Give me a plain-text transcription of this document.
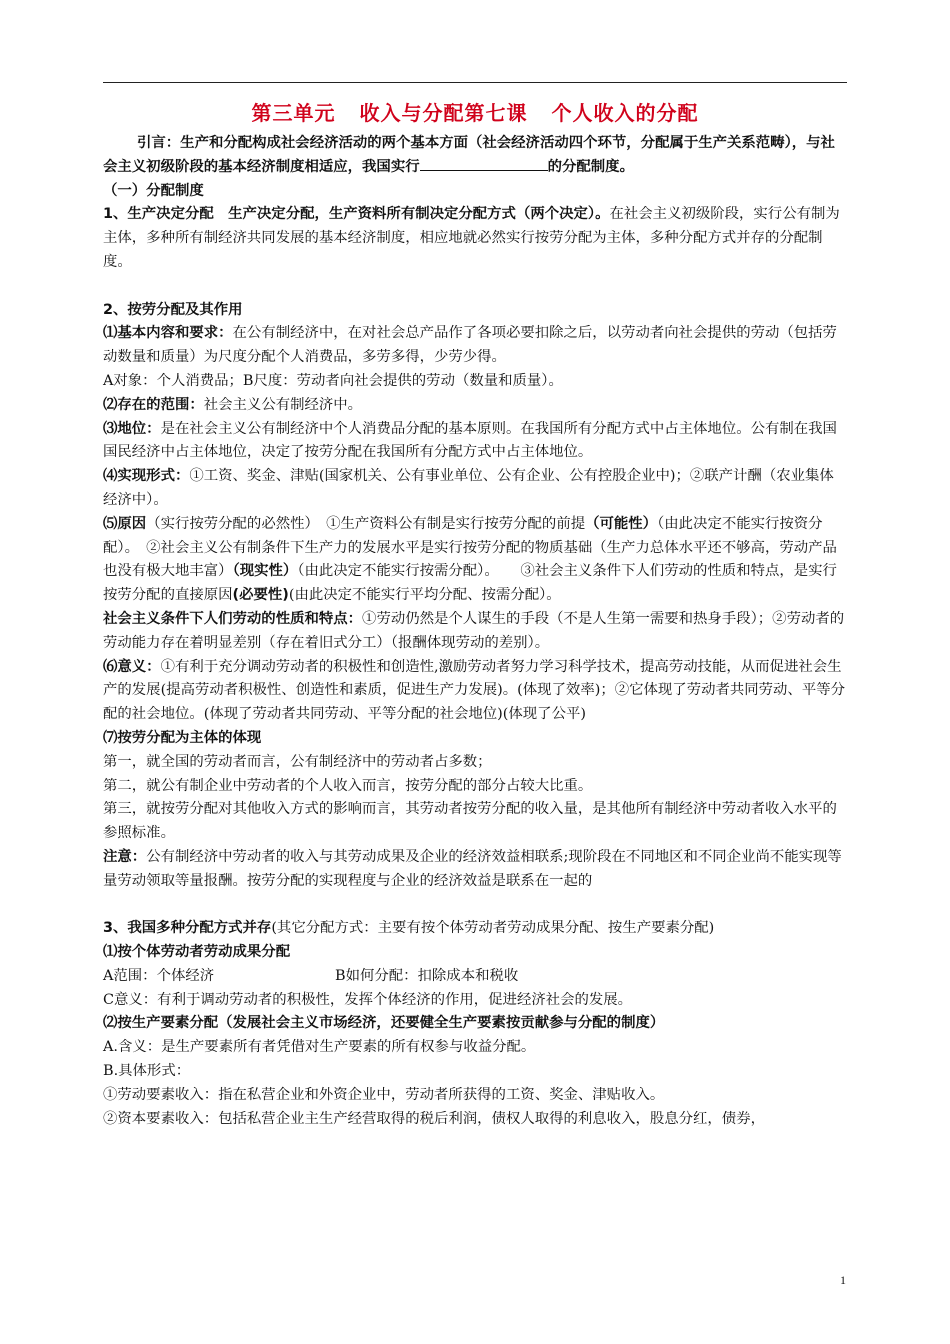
第三单元 收入与分配第七课 个人收入的分配

引言：生产和分配构成社会经济活动的两个基本方面（社会经济活动四个环节，分配属于生产关系范畴），与社会主义初级阶段的基本经济制度相适应，我国实行	的分配制度。

（一）分配制度

1、生产决定分配　生产决定分配，生产资料所有制决定分配方式（两个决定）。在社会主义初级阶段，实行公有制为主体，多种所有制经济共同发展的基本经济制度，相应地就必然实行按劳分配为主体，多种分配方式并存的分配制度。

2、按劳分配及其作用

⑴基本内容和要求：在公有制经济中，在对社会总产品作了各项必要扣除之后，以劳动者向社会提供的劳动（包括劳动数量和质量）为尺度分配个人消费品，多劳多得，少劳少得。

A对象：个人消费品；B尺度：劳动者向社会提供的劳动（数量和质量）。

⑵存在的范围：社会主义公有制经济中。

⑶地位：是在社会主义公有制经济中个人消费品分配的基本原则。在我国所有分配方式中占主体地位。公有制在我国国民经济中占主体地位，决定了按劳分配在我国所有分配方式中占主体地位。

⑷实现形式：①工资、奖金、津贴(国家机关、公有事业单位、公有企业、公有控股企业中)；②联产计酬（农业集体经济中）。

⑸原因（实行按劳分配的必然性）　①生产资料公有制是实行按劳分配的前提（可能性）（由此决定不能实行按资分配）。　②社会主义公有制条件下生产力的发展水平是实行按劳分配的物质基础（生产力总体水平还不够高，劳动产品也没有极大地丰富）（现实性）（由此决定不能实行按需分配）。　　③社会主义条件下人们劳动的性质和特点，是实行按劳分配的直接原因(必要性)(由此决定不能实行平均分配、按需分配）。

社会主义条件下人们劳动的性质和特点：①劳动仍然是个人谋生的手段（不是人生第一需要和热身手段）；②劳动者的劳动能力存在着明显差别（存在着旧式分工）（报酬体现劳动的差别）。

⑹意义：①有利于充分调动劳动者的积极性和创造性,激励劳动者努力学习科学技术，提高劳动技能，从而促进社会生产的发展(提高劳动者积极性、创造性和素质，促进生产力发展)。(体现了效率)；②它体现了劳动者共同劳动、平等分配的社会地位。(体现了劳动者共同劳动、平等分配的社会地位)(体现了公平)

⑺按劳分配为主体的体现

第一，就全国的劳动者而言，公有制经济中的劳动者占多数；

第二，就公有制企业中劳动者的个人收入而言，按劳分配的部分占较大比重。

第三，就按劳分配对其他收入方式的影响而言，其劳动者按劳分配的收入量，是其他所有制经济中劳动者收入水平的参照标准。

注意：公有制经济中劳动者的收入与其劳动成果及企业的经济效益相联系;现阶段在不同地区和不同企业尚不能实现等量劳动领取等量报酬。按劳分配的实现程度与企业的经济效益是联系在一起的

3、我国多种分配方式并存(其它分配方式：主要有按个体劳动者劳动成果分配、按生产要素分配)

⑴按个体劳动者劳动成果分配

A范围：个体经济	B如何分配：扣除成本和税收

C意义：有利于调动劳动者的积极性，发挥个体经济的作用，促进经济社会的发展。

⑵按生产要素分配（发展社会主义市场经济，还要健全生产要素按贡献参与分配的制度）

A.含义：是生产要素所有者凭借对生产要素的所有权参与收益分配。

B.具体形式：

①劳动要素收入：指在私营企业和外资企业中，劳动者所获得的工资、奖金、津贴收入。

②资本要素收入：包括私营企业主生产经营取得的税后利润，债权人取得的利息收入，股息分红，债券，

1
